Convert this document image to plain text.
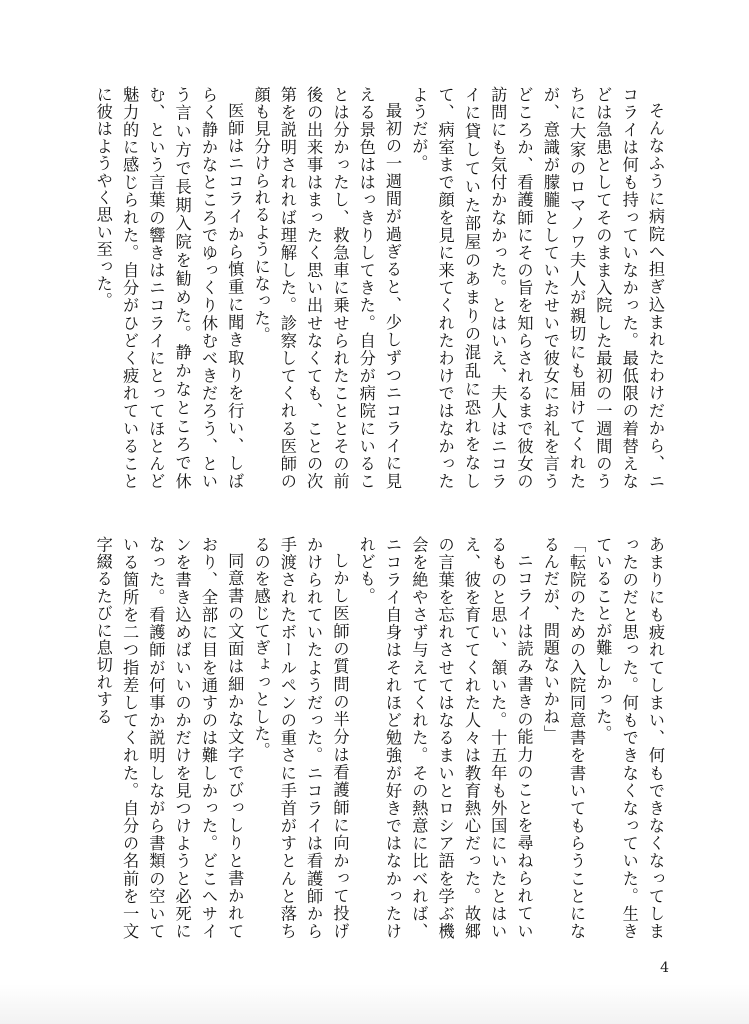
そんなふうに病院へ担ぎ込まれたわけだから、ニコライは何も持っていなかった。最低限の着替えなどは急患としてそのまま入院した最初の一週間のうちに大家のロマノワ夫人が親切にも届けてくれたが、意識が朦朧としていたせいで彼女にお礼を言うどころか、看護師にその旨を知らされるまで彼女の訪問にも気付かなかった。とはいえ、夫人はニコライに貸していた部屋のあまりの混乱に恐れをなして、病室まで顔を見に来てくれたわけではなかったようだが。

最初の一週間が過ぎると、少しずつニコライに見える景色ははっきりしてきた。自分が病院にいることは分かったし、救急車に乗せられたこととその前後の出来事はまったく思い出せなくても、ことの次第を説明されれば理解した。診察してくれる医師の顔も見分けられるようになった。

医師はニコライから慎重に聞き取りを行い、しばらく静かなところでゆっくり休むべきだろう、という言い方で長期入院を勧めた。静かなところで休む、という言葉の響きはニコライにとってほとんど魅力的に感じられた。自分がひどく疲れていることに彼はようやく思い至った。

あまりにも疲れてしまい、何もできなくなってしまったのだと思った。何もできなくなっていた。生きていることが難しかった。

「転院のための入院同意書を書いてもらうことになるんだが、問題ないかね」

ニコライは読み書きの能力のことを尋ねられているものと思い、頷いた。十五年も外国にいたとはいえ、彼を育ててくれた人々は教育熱心だった。故郷の言葉を忘れさせてはなるまいとロシア語を学ぶ機会を絶やさず与えてくれた。その熱意に比べれば、ニコライ自身はそれほど勉強が好きではなかったけれども。

しかし医師の質問の半分は看護師に向かって投げかけられていたようだった。ニコライは看護師から手渡されたボールペンの重さに手首がすとんと落ちるのを感じてぎょっとした。

同意書の文面は細かな文字でびっしりと書かれており、全部に目を通すのは難しかった。どこへサインを書き込めばいいのかだけを見つけようと必死になった。看護師が何事か説明しながら書類の空いている箇所を二つ指差してくれた。自分の名前を一文字綴るたびに息切れする

4
